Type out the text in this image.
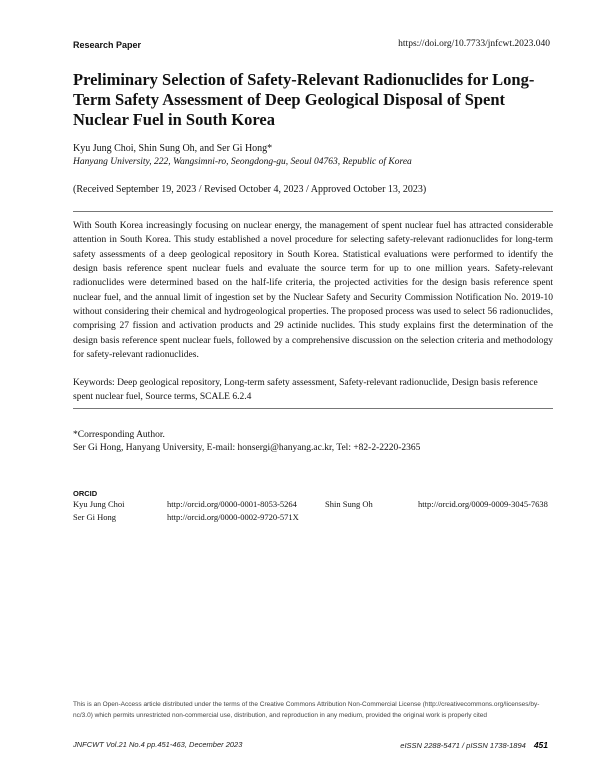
Research Paper	https://doi.org/10.7733/jnfcwt.2023.040
Preliminary Selection of Safety-Relevant Radionuclides for Long-Term Safety Assessment of Deep Geological Disposal of Spent Nuclear Fuel in South Korea
Kyu Jung Choi, Shin Sung Oh, and Ser Gi Hong*
Hanyang University, 222, Wangsimni-ro, Seongdong-gu, Seoul 04763, Republic of Korea
(Received September 19, 2023 / Revised October 4, 2023 / Approved October 13, 2023)
With South Korea increasingly focusing on nuclear energy, the management of spent nuclear fuel has attracted considerable attention in South Korea. This study established a novel procedure for selecting safety-relevant radionuclides for long-term safety assessments of a deep geological repository in South Korea. Statistical evaluations were performed to identify the design basis reference spent nuclear fuels and evaluate the source term for up to one million years. Safety-relevant radionuclides were determined based on the half-life criteria, the projected activities for the design basis reference spent nuclear fuel, and the annual limit of ingestion set by the Nuclear Safety and Security Commission Notification No. 2019-10 without considering their chemical and hydrogeological properties. The proposed process was used to select 56 radionuclides, comprising 27 fission and activation products and 29 actinide nuclides. This study explains first the determination of the design basis reference spent nuclear fuels, followed by a comprehensive discussion on the selection criteria and methodology for safety-relevant radionuclides.
Keywords: Deep geological repository, Long-term safety assessment, Safety-relevant radionuclide, Design basis reference spent nuclear fuel, Source terms, SCALE 6.2.4
*Corresponding Author.
Ser Gi Hong, Hanyang University, E-mail: honsergi@hanyang.ac.kr, Tel: +82-2-2220-2365
ORCID
Kyu Jung Choi	http://orcid.org/0000-0001-8053-5264	Shin Sung Oh	http://orcid.org/0009-0009-3045-7638
Ser Gi Hong	http://orcid.org/0000-0002-9720-571X
This is an Open-Access article distributed under the terms of the Creative Commons Attribution Non-Commercial License (http://creativecommons.org/licenses/by-nc/3.0) which permits unrestricted non-commercial use, distribution, and reproduction in any medium, provided the original work is properly cited
JNFCWT Vol.21 No.4 pp.451-463, December 2023	eISSN 2288-5471 / pISSN 1738-1894 451
